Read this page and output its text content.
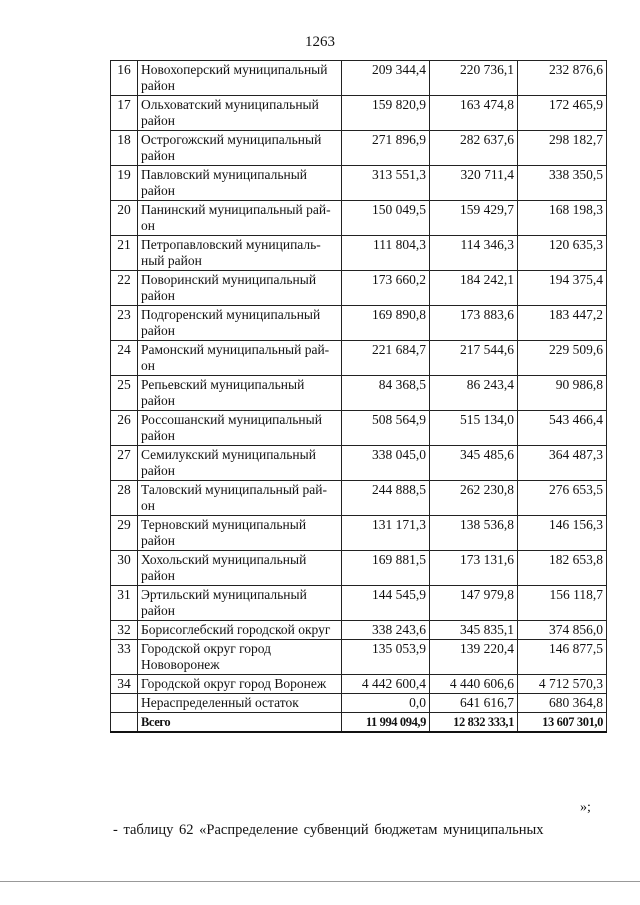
1263
16	Новохоперский муниципальный район	209 344,4	220 736,1	232 876,6
17	Ольховатский муниципальный район	159 820,9	163 474,8	172 465,9
18	Острогожский муниципальный район	271 896,9	282 637,6	298 182,7
19	Павловский муниципальный район	313 551,3	320 711,4	338 350,5
20	Панинский муниципальный рай-он	150 049,5	159 429,7	168 198,3
21	Петропавловский муниципаль-ный район	111 804,3	114 346,3	120 635,3
22	Поворинский муниципальный район	173 660,2	184 242,1	194 375,4
23	Подгоренский муниципальный район	169 890,8	173 883,6	183 447,2
24	Рамонский муниципальный рай-он	221 684,7	217 544,6	229 509,6
25	Репьевский муниципальный район	84 368,5	86 243,4	90 986,8
26	Россошанский муниципальный район	508 564,9	515 134,0	543 466,4
27	Семилукский муниципальный район	338 045,0	345 485,6	364 487,3
28	Таловский муниципальный рай-он	244 888,5	262 230,8	276 653,5
29	Терновский муниципальный район	131 171,3	138 536,8	146 156,3
30	Хохольский муниципальный район	169 881,5	173 131,6	182 653,8
31	Эртильский муниципальный район	144 545,9	147 979,8	156 118,7
32	Борисоглебский городской округ	338 243,6	345 835,1	374 856,0
33	Городской округ город Нововоронеж	135 053,9	139 220,4	146 877,5
34	Городской округ город Воронеж	4 442 600,4	4 440 606,6	4 712 570,3
	Нераспределенный остаток	0,0	641 616,7	680 364,8
	Всего	11 994 094,9	12 832 333,1	13 607 301,0
»;
- таблицу 62 «Распределение субвенций бюджетам муниципальных
